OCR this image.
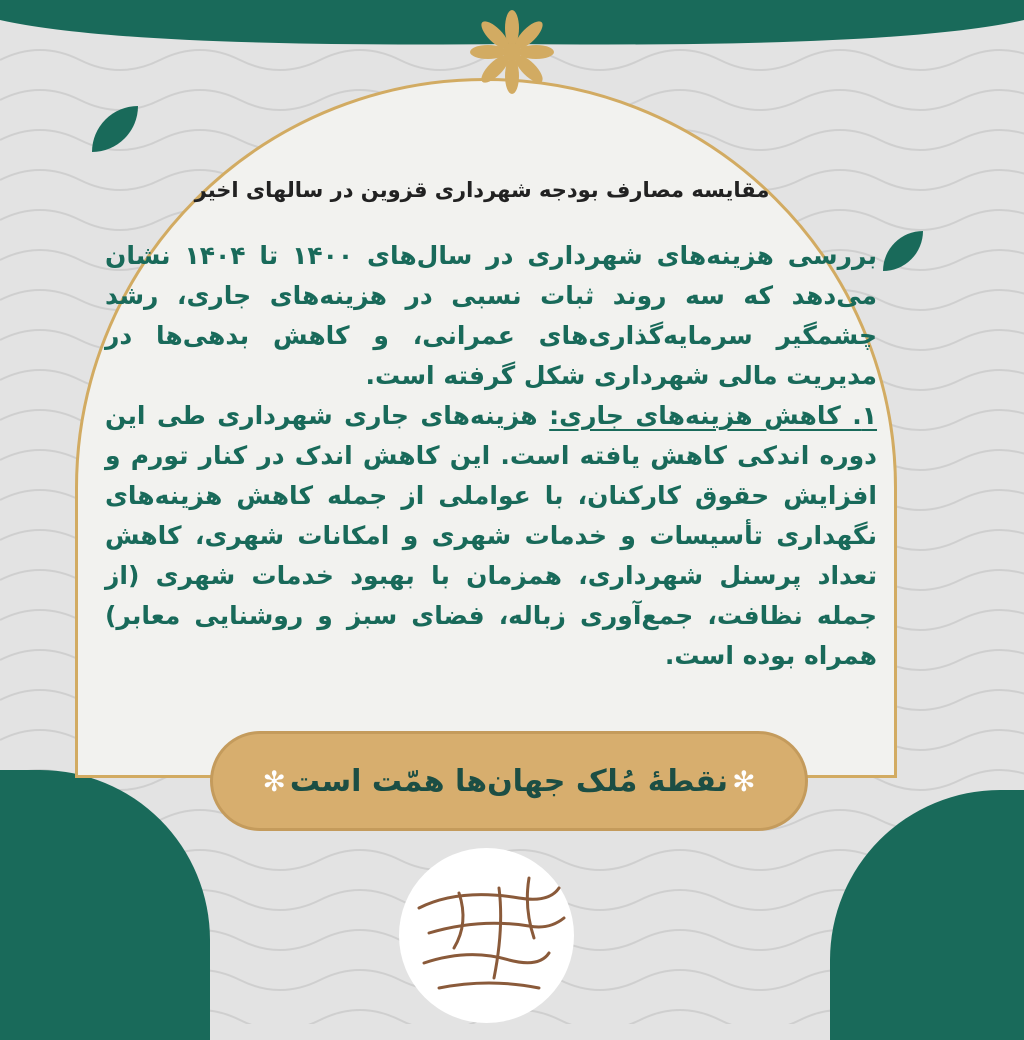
مقایسه مصارف بودجه شهرداری قزوین در سالهای اخیر

بررسی هزینه‌های شهرداری در سال‌های ۱۴۰۰ تا ۱۴۰۴ نشان می‌دهد که سه روند ثبات نسبی در هزینه‌های جاری، رشد چشمگیر سرمایه‌گذاری‌های عمرانی، و کاهش بدهی‌ها در مدیریت مالی شهرداری شکل گرفته است.

۱. کاهش هزینه‌های جاری: هزینه‌های جاری شهرداری طی این دوره اندکی کاهش یافته است. این کاهش اندک در کنار تورم و افزایش حقوق کارکنان، با عواملی از جمله کاهش هزینه‌های نگهداری تأسیسات و خدمات شهری و امکانات شهری، کاهش تعداد پرسنل شهرداری، همزمان با بهبود خدمات شهری (از جمله نظافت، جمع‌آوری زباله، فضای سبز و روشنایی معابر) همراه بوده است.

✻ نقطهٔ مُلک جهان‌ها همّت است ✻
